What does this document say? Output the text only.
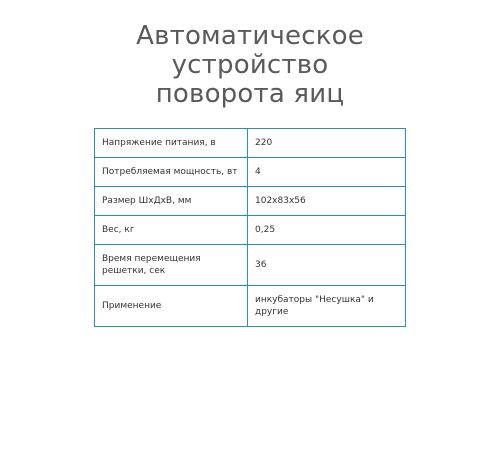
Автоматическое
устройство
поворота яиц
Напряжение питания, в	220
Потребляемая мощность, вт	4
Размер ШхДхВ, мм	102х83х56
Вес, кг	0,25
Время перемещения решетки, сек	36
Применение	инкубаторы "Несушка" и другие
